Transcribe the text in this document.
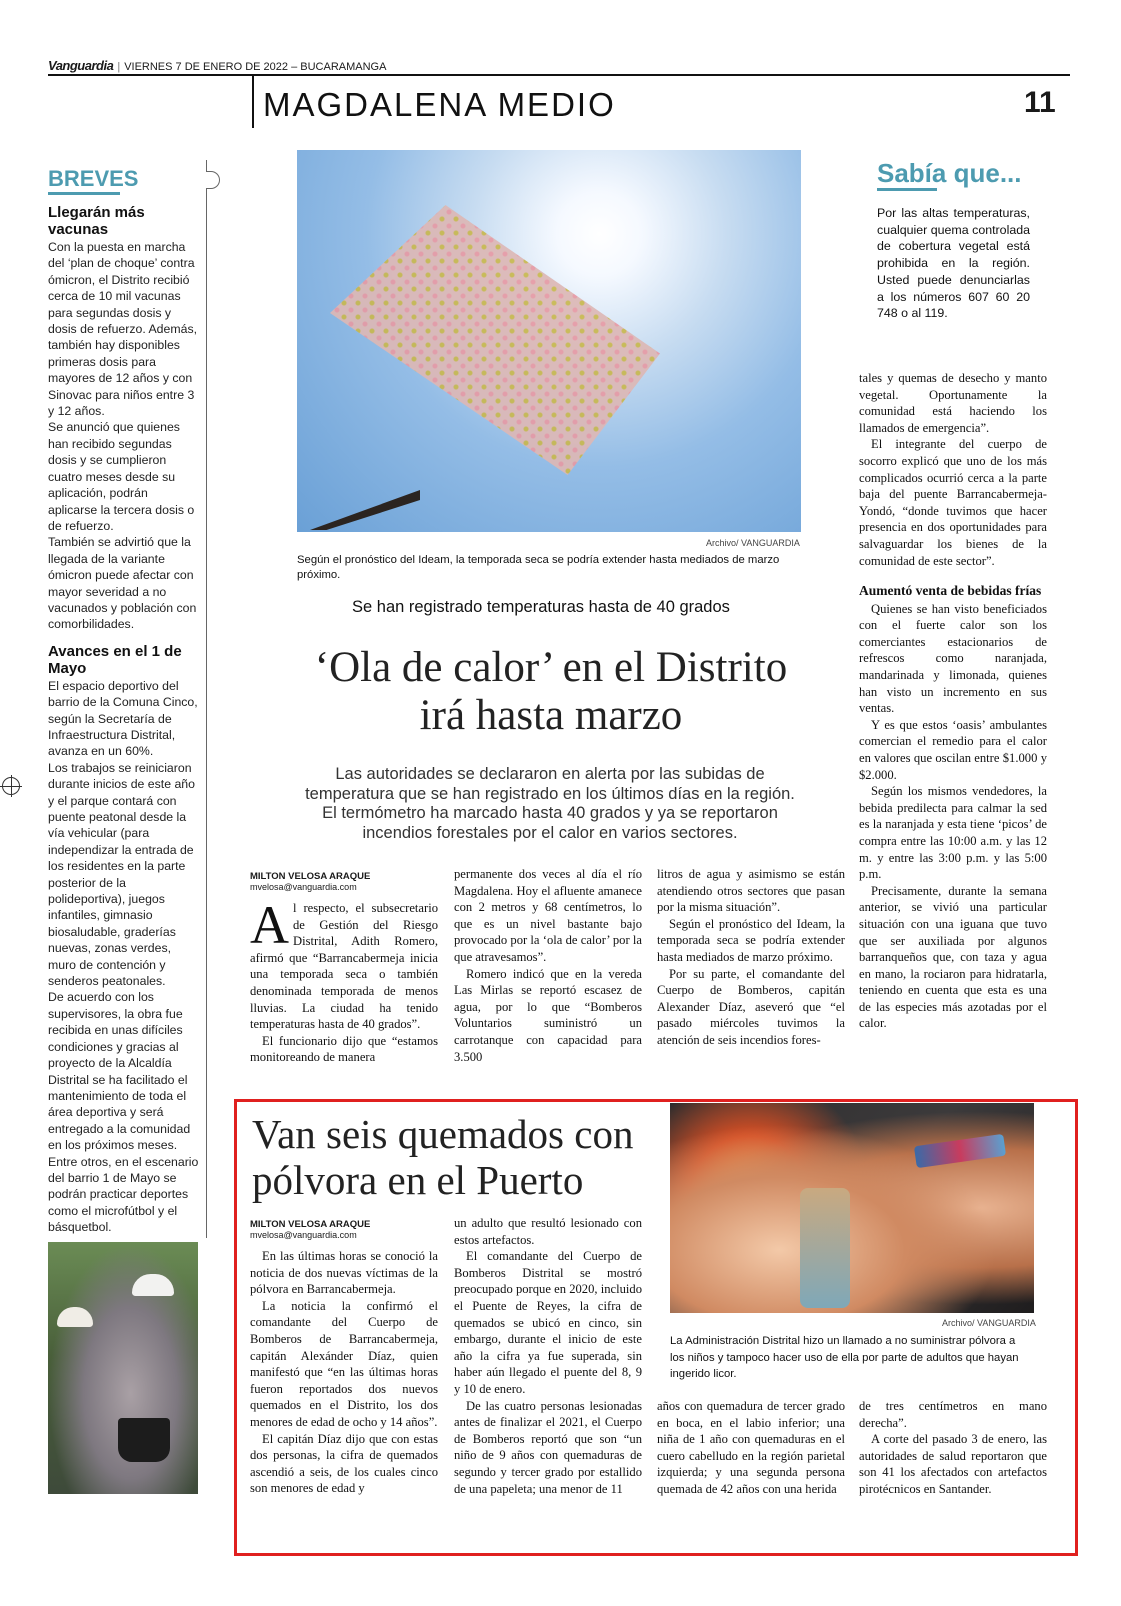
Vanguardia | VIERNES 7 DE ENERO DE 2022 – BUCARAMANGA
MAGDALENA MEDIO	11
BREVES
Llegarán más vacunas

Con la puesta en marcha del ‘plan de choque’ contra ómicron, el Distrito recibió cerca de 10 mil vacunas para segundas dosis y dosis de refuerzo. Además, también hay disponibles primeras dosis para mayores de 12 años y con Sinovac para niños entre 3 y 12 años.

Se anunció que quienes han recibido segundas dosis y se cumplieron cuatro meses desde su aplicación, podrán aplicarse la tercera dosis o de refuerzo.

También se advirtió que la llegada de la variante ómicron puede afectar con mayor severidad a no vacunados y población con comorbilidades.

Avances en el 1 de Mayo

El espacio deportivo del barrio de la Comuna Cinco, según la Secretaría de Infraestructura Distrital, avanza en un 60%.

Los trabajos se reiniciaron durante inicios de este año y el parque contará con puente peatonal desde la vía vehicular (para independizar la entrada de los residentes en la parte posterior de la polideportiva), juegos infantiles, gimnasio biosaludable, graderías nuevas, zonas verdes, muro de contención y senderos peatonales.

De acuerdo con los supervisores, la obra fue recibida en unas difíciles condiciones y gracias al proyecto de la Alcaldía Distrital se ha facilitado el mantenimiento de toda el área deportiva y será entregado a la comunidad en los próximos meses.

Entre otros, en el escenario del barrio 1 de Mayo se podrán practicar deportes como el microfútbol y el básquetbol.

Archivo/ VANGUARDIA
Según el pronóstico del Ideam, la temporada seca se podría extender hasta mediados de marzo próximo.
Sabía que...
Por las altas temperaturas, cualquier quema controlada de cobertura vegetal está prohibida en la región. Usted puede denunciarlas a los números 607 60 20 748 o al 119.
Se han registrado temperaturas hasta de 40 grados
‘Ola de calor’ en el Distrito
irá hasta marzo
Las autoridades se declararon en alerta por las subidas de temperatura que se han registrado en los últimos días en la región. El termómetro ha marcado hasta 40 grados y ya se reportaron incendios forestales por el calor en varios sectores.
MILTON VELOSA ARAQUE
mvelosa@vanguardia.com

Al respecto, el subsecretario de Gestión del Riesgo Distrital, Adith Romero, afirmó que “Barrancabermeja inicia una temporada seca o también denominada temporada de menos lluvias. La ciudad ha tenido temperaturas hasta de 40 grados”.

El funcionario dijo que “estamos monitoreando de manera

permanente dos veces al día el río Magdalena. Hoy el afluente amanece con 2 metros y 68 centímetros, lo que es un nivel bastante bajo provocado por la ‘ola de calor’ por la que atravesamos”.

Romero indicó que en la vereda Las Mirlas se reportó escasez de agua, por lo que “Bomberos Voluntarios suministró un carrotanque con capacidad para 3.500

litros de agua y asimismo se están atendiendo otros sectores que pasan por la misma situación”.

Según el pronóstico del Ideam, la temporada seca se podría extender hasta mediados de marzo próximo.

Por su parte, el comandante del Cuerpo de Bomberos, capitán Alexander Díaz, aseveró que “el pasado miércoles tuvimos la atención de seis incendios fores-

tales y quemas de desecho y manto vegetal. Oportunamente la comunidad está haciendo los llamados de emergencia”.

El integrante del cuerpo de socorro explicó que uno de los más complicados ocurrió cerca a la parte baja del puente Barrancabermeja-Yondó, “donde tuvimos que hacer presencia en dos oportunidades para salvaguardar los bienes de la comunidad de este sector”.

Aumentó venta de bebidas frías

Quienes se han visto beneficiados con el fuerte calor son los comerciantes estacionarios de refrescos como naranjada, mandarinada y limonada, quienes han visto un incremento en sus ventas.

Y es que estos ‘oasis’ ambulantes comercian el remedio para el calor en valores que oscilan entre $1.000 y $2.000.

Según los mismos vendedores, la bebida predilecta para calmar la sed es la naranjada y esta tiene ‘picos’ de compra entre las 10:00 a.m. y las 12 m. y entre las 3:00 p.m. y las 5:00 p.m.

Precisamente, durante la semana anterior, se vivió una particular situación con una iguana que tuvo que ser auxiliada por algunos barranqueños que, con taza y agua en mano, la rociaron para hidratarla, teniendo en cuenta que esta es una de las especies más azotadas por el calor.

Van seis quemados con
pólvora en el Puerto
Archivo/ VANGUARDIA
La Administración Distrital hizo un llamado a no suministrar pólvora a los niños y tampoco hacer uso de ella por parte de adultos que hayan ingerido licor.
MILTON VELOSA ARAQUE
mvelosa@vanguardia.com

En las últimas horas se conoció la noticia de dos nuevas víctimas de la pólvora en Barrancabermeja.

La noticia la confirmó el comandante del Cuerpo de Bomberos de Barrancabermeja, capitán Alexánder Díaz, quien manifestó que “en las últimas horas fueron reportados dos nuevos quemados en el Distrito, los dos menores de edad de ocho y 14 años”.

El capitán Díaz dijo que con estas dos personas, la cifra de quemados ascendió a seis, de los cuales cinco son menores de edad y

un adulto que resultó lesionado con estos artefactos.

El comandante del Cuerpo de Bomberos Distrital se mostró preocupado porque en 2020, incluido el Puente de Reyes, la cifra de quemados se ubicó en cinco, sin embargo, durante el inicio de este año la cifra ya fue superada, sin haber aún llegado el puente del 8, 9 y 10 de enero.

De las cuatro personas lesionadas antes de finalizar el 2021, el Cuerpo de Bomberos reportó que son “un niño de 9 años con quemaduras de segundo y tercer grado por estallido de una papeleta; una menor de 11

años con quemadura de tercer grado en boca, en el labio inferior; una niña de 1 año con quemaduras en el cuero cabelludo en la región parietal izquierda; y una segunda persona quemada de 42 años con una herida

de tres centímetros en mano derecha”.

A corte del pasado 3 de enero, las autoridades de salud reportaron que son 41 los afectados con artefactos pirotécnicos en Santander.
